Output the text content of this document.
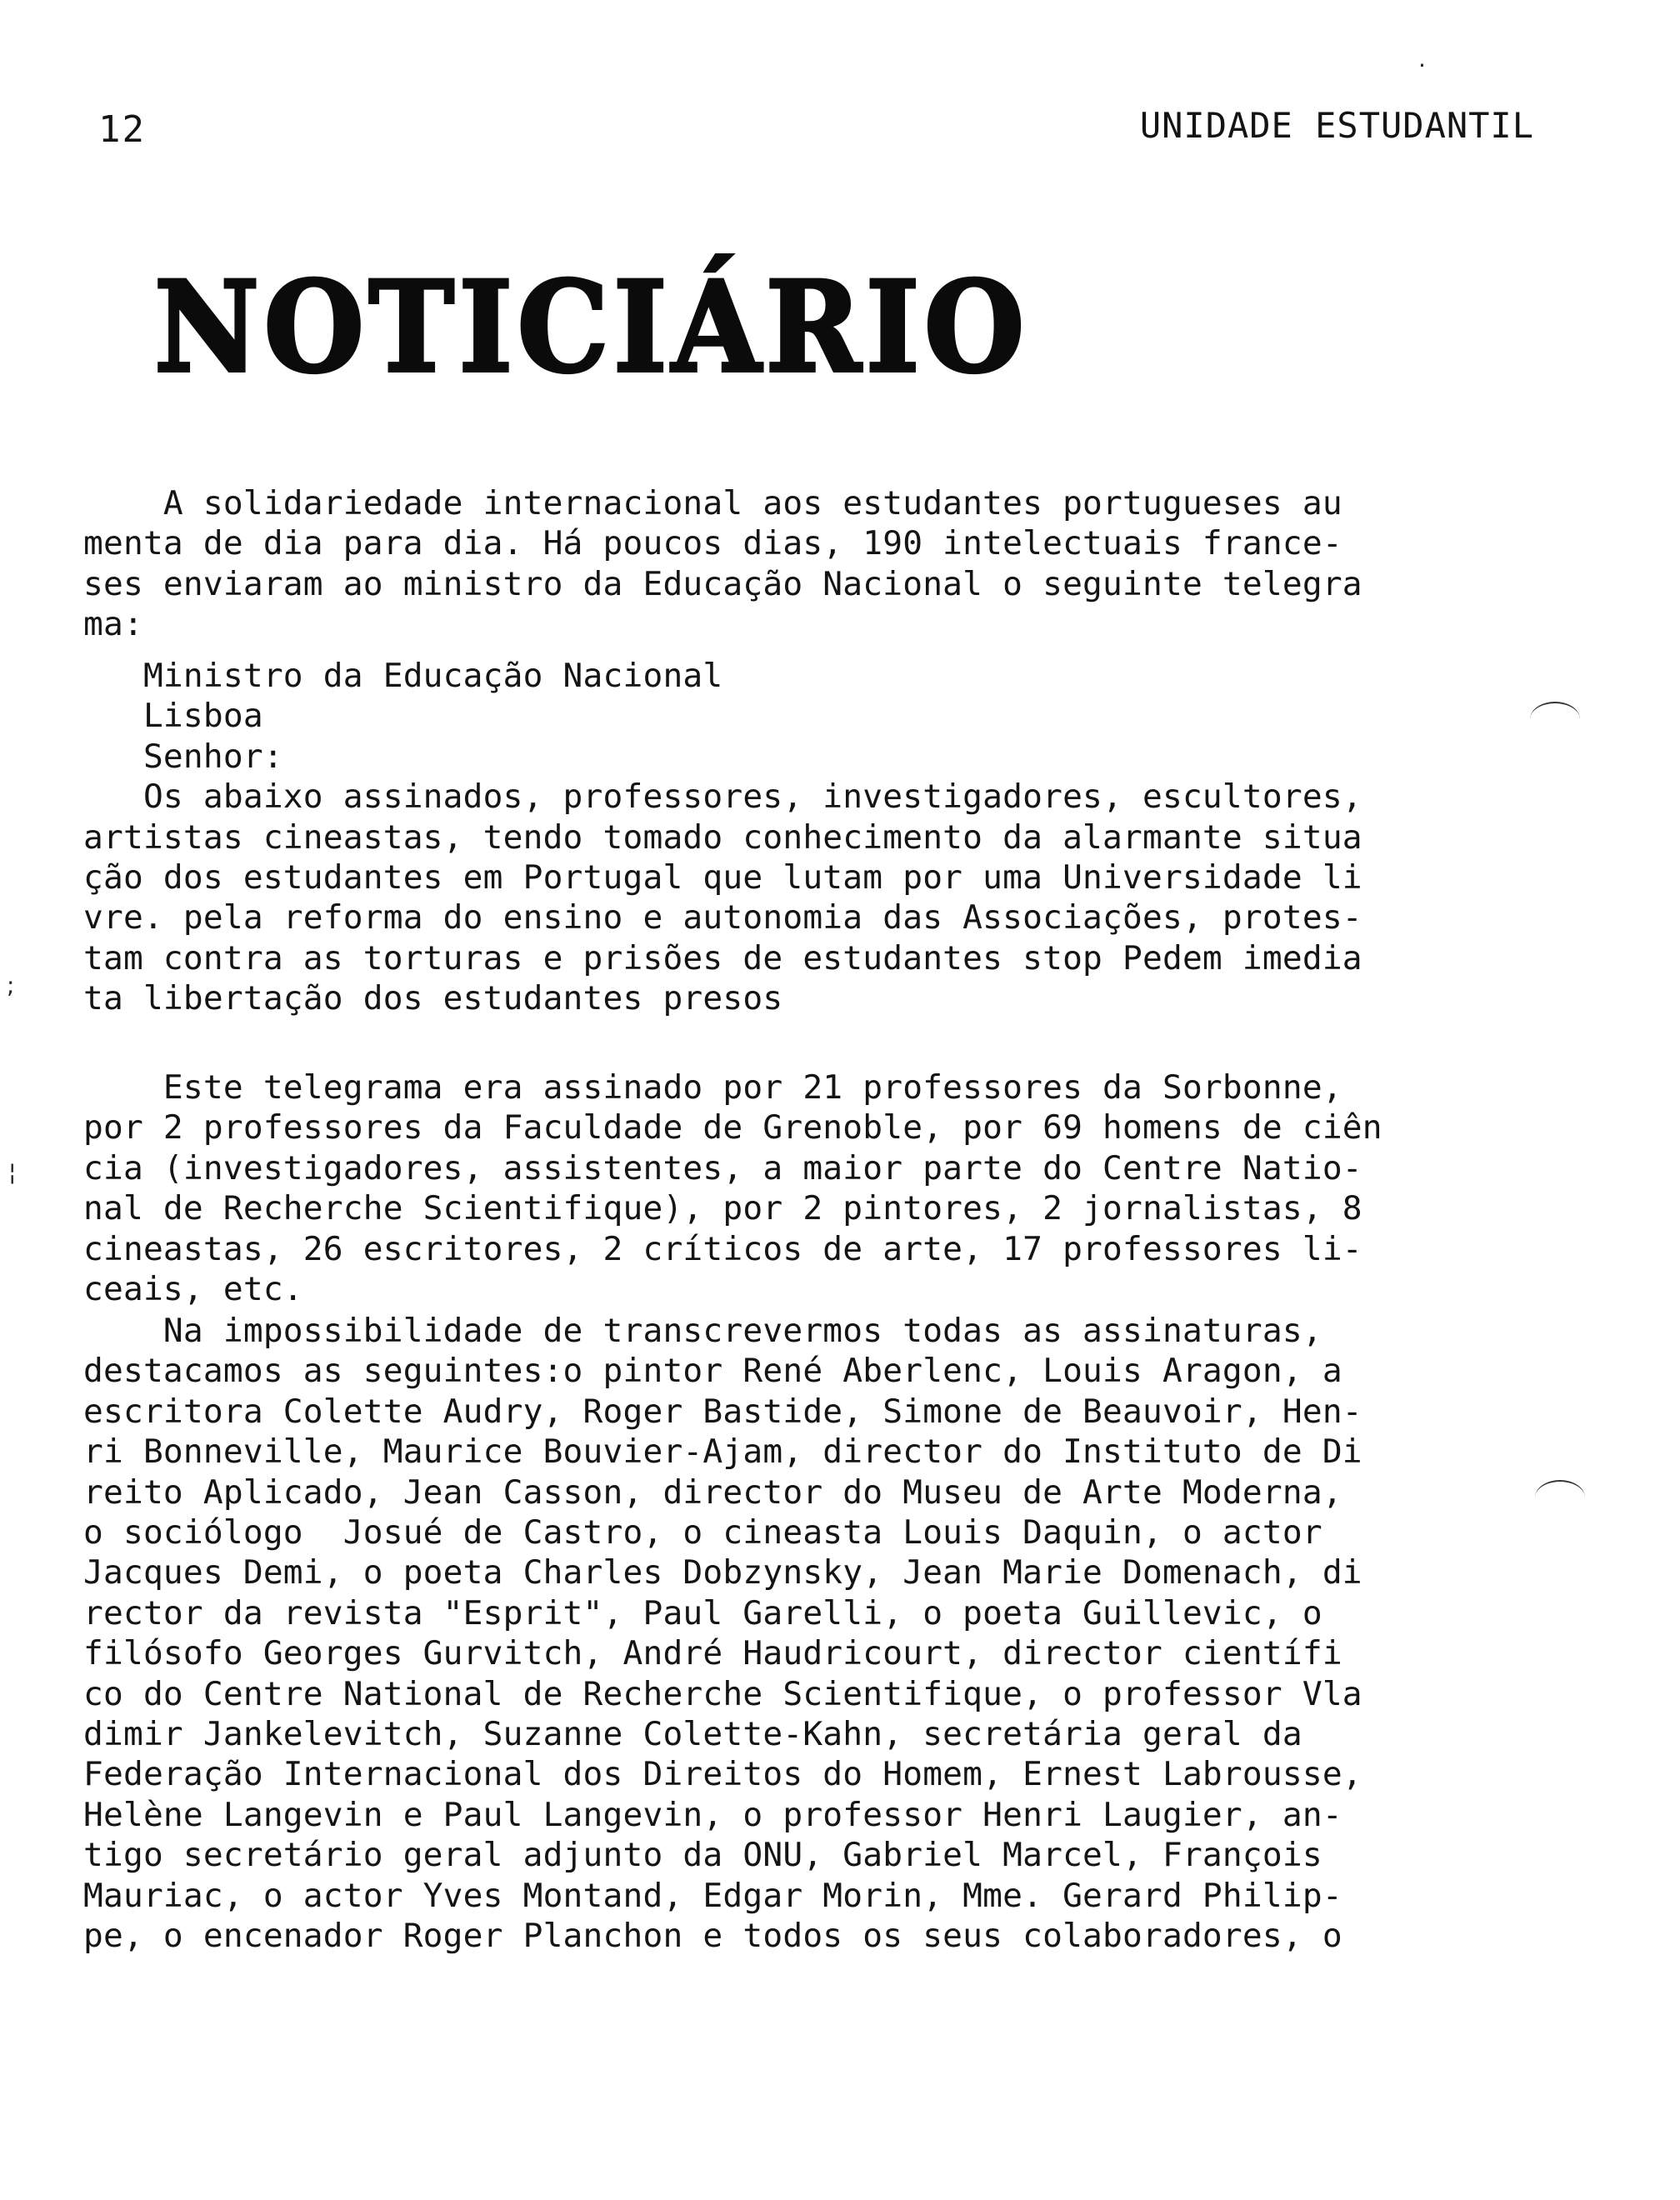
12	UNIDADE ESTUDANTIL
NOTICIÁRIO
A solidariedade internacional aos estudantes portugueses au
menta de dia para dia. Há poucos dias, 190 intelectuais france-
ses enviaram ao ministro da Educação Nacional o seguinte telegra
ma:
Ministro da Educação Nacional
Lisboa
Senhor:
Os abaixo assinados, professores, investigadores, escultores,
artistas cineastas, tendo tomado conhecimento da alarmante situa
ção dos estudantes em Portugal que lutam por uma Universidade li
vre. pela reforma do ensino e autonomia das Associações, protes-
tam contra as torturas e prisões de estudantes stop Pedem imedia
ta libertação dos estudantes presos
Este telegrama era assinado por 21 professores da Sorbonne,
por 2 professores da Faculdade de Grenoble, por 69 homens de ciên
cia (investigadores, assistentes, a maior parte do Centre Natio-
nal de Recherche Scientifique), por 2 pintores, 2 jornalistas, 8
cineastas, 26 escritores, 2 críticos de arte, 17 professores li-
ceais, etc.
Na impossibilidade de transcrevermos todas as assinaturas,
destacamos as seguintes:o pintor René Aberlenc, Louis Aragon, a
escritora Colette Audry, Roger Bastide, Simone de Beauvoir, Hen-
ri Bonneville, Maurice Bouvier-Ajam, director do Instituto de Di
reito Aplicado, Jean Casson, director do Museu de Arte Moderna,
o sociólogo  Josué de Castro, o cineasta Louis Daquin, o actor
Jacques Demi, o poeta Charles Dobzynsky, Jean Marie Domenach, di
rector da revista "Esprit", Paul Garelli, o poeta Guillevic, o
filósofo Georges Gurvitch, André Haudricourt, director científi
co do Centre National de Recherche Scientifique, o professor Vla
dimir Jankelevitch, Suzanne Colette-Kahn, secretária geral da
Federação Internacional dos Direitos do Homem, Ernest Labrousse,
Helène Langevin e Paul Langevin, o professor Henri Laugier, an-
tigo secretário geral adjunto da ONU, Gabriel Marcel, François
Mauriac, o actor Yves Montand, Edgar Morin, Mme. Gerard Philip-
pe, o encenador Roger Planchon e todos os seus colaboradores, o
·
;
¦
